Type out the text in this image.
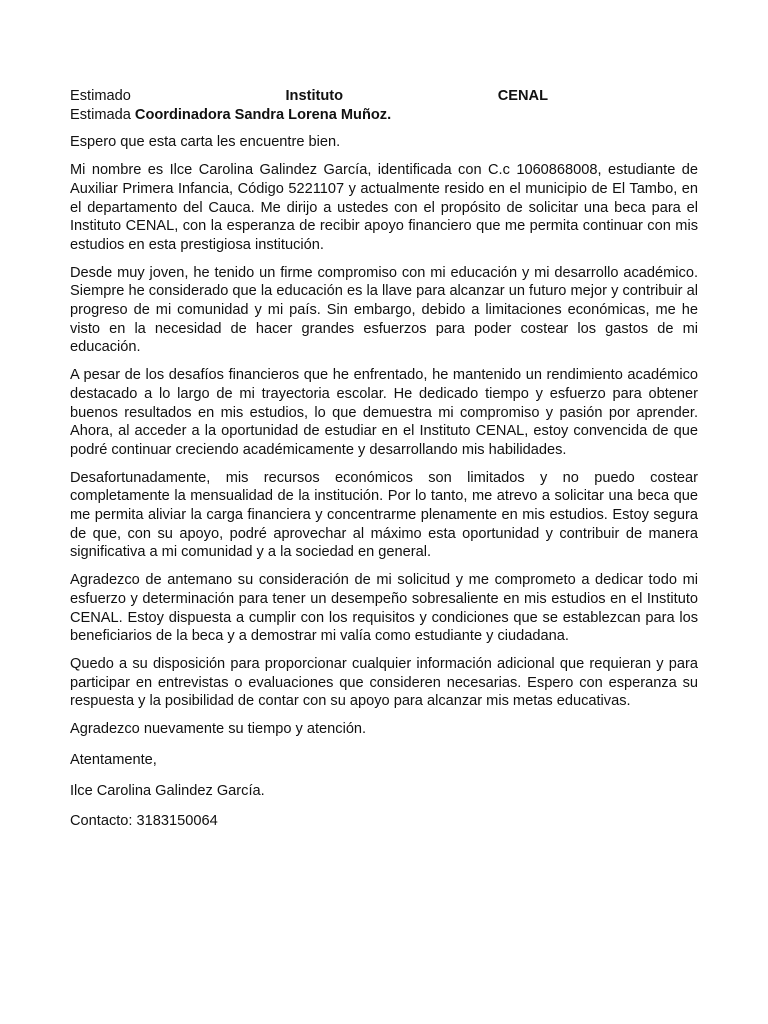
Estimado	Instituto	CENAL

Estimada Coordinadora Sandra Lorena Muñoz.

Espero que esta carta les encuentre bien.

Mi nombre es Ilce Carolina Galindez García, identificada con C.c 1060868008, estudiante de Auxiliar Primera Infancia, Código 5221107 y actualmente resido en el municipio de El Tambo, en el departamento del Cauca. Me dirijo a ustedes con el propósito de solicitar una beca para el Instituto CENAL, con la esperanza de recibir apoyo financiero que me permita continuar con mis estudios en esta prestigiosa institución.

Desde muy joven, he tenido un firme compromiso con mi educación y mi desarrollo académico. Siempre he considerado que la educación es la llave para alcanzar un futuro mejor y contribuir al progreso de mi comunidad y mi país. Sin embargo, debido a limitaciones económicas, me he visto en la necesidad de hacer grandes esfuerzos para poder costear los gastos de mi educación.

A pesar de los desafíos financieros que he enfrentado, he mantenido un rendimiento académico destacado a lo largo de mi trayectoria escolar. He dedicado tiempo y esfuerzo para obtener buenos resultados en mis estudios, lo que demuestra mi compromiso y pasión por aprender. Ahora, al acceder a la oportunidad de estudiar en el Instituto CENAL, estoy convencida de que podré continuar creciendo académicamente y desarrollando mis habilidades.

Desafortunadamente, mis recursos económicos son limitados y no puedo costear completamente la mensualidad de la institución. Por lo tanto, me atrevo a solicitar una beca que me permita aliviar la carga financiera y concentrarme plenamente en mis estudios. Estoy segura de que, con su apoyo, podré aprovechar al máximo esta oportunidad y contribuir de manera significativa a mi comunidad y a la sociedad en general.

Agradezco de antemano su consideración de mi solicitud y me comprometo a dedicar todo mi esfuerzo y determinación para tener un desempeño sobresaliente en mis estudios en el Instituto CENAL. Estoy dispuesta a cumplir con los requisitos y condiciones que se establezcan para los beneficiarios de la beca y a demostrar mi valía como estudiante y ciudadana.

Quedo a su disposición para proporcionar cualquier información adicional que requieran y para participar en entrevistas o evaluaciones que consideren necesarias. Espero con esperanza su respuesta y la posibilidad de contar con su apoyo para alcanzar mis metas educativas.

Agradezco nuevamente su tiempo y atención.

Atentamente,

Ilce Carolina Galindez García.

Contacto: 3183150064
